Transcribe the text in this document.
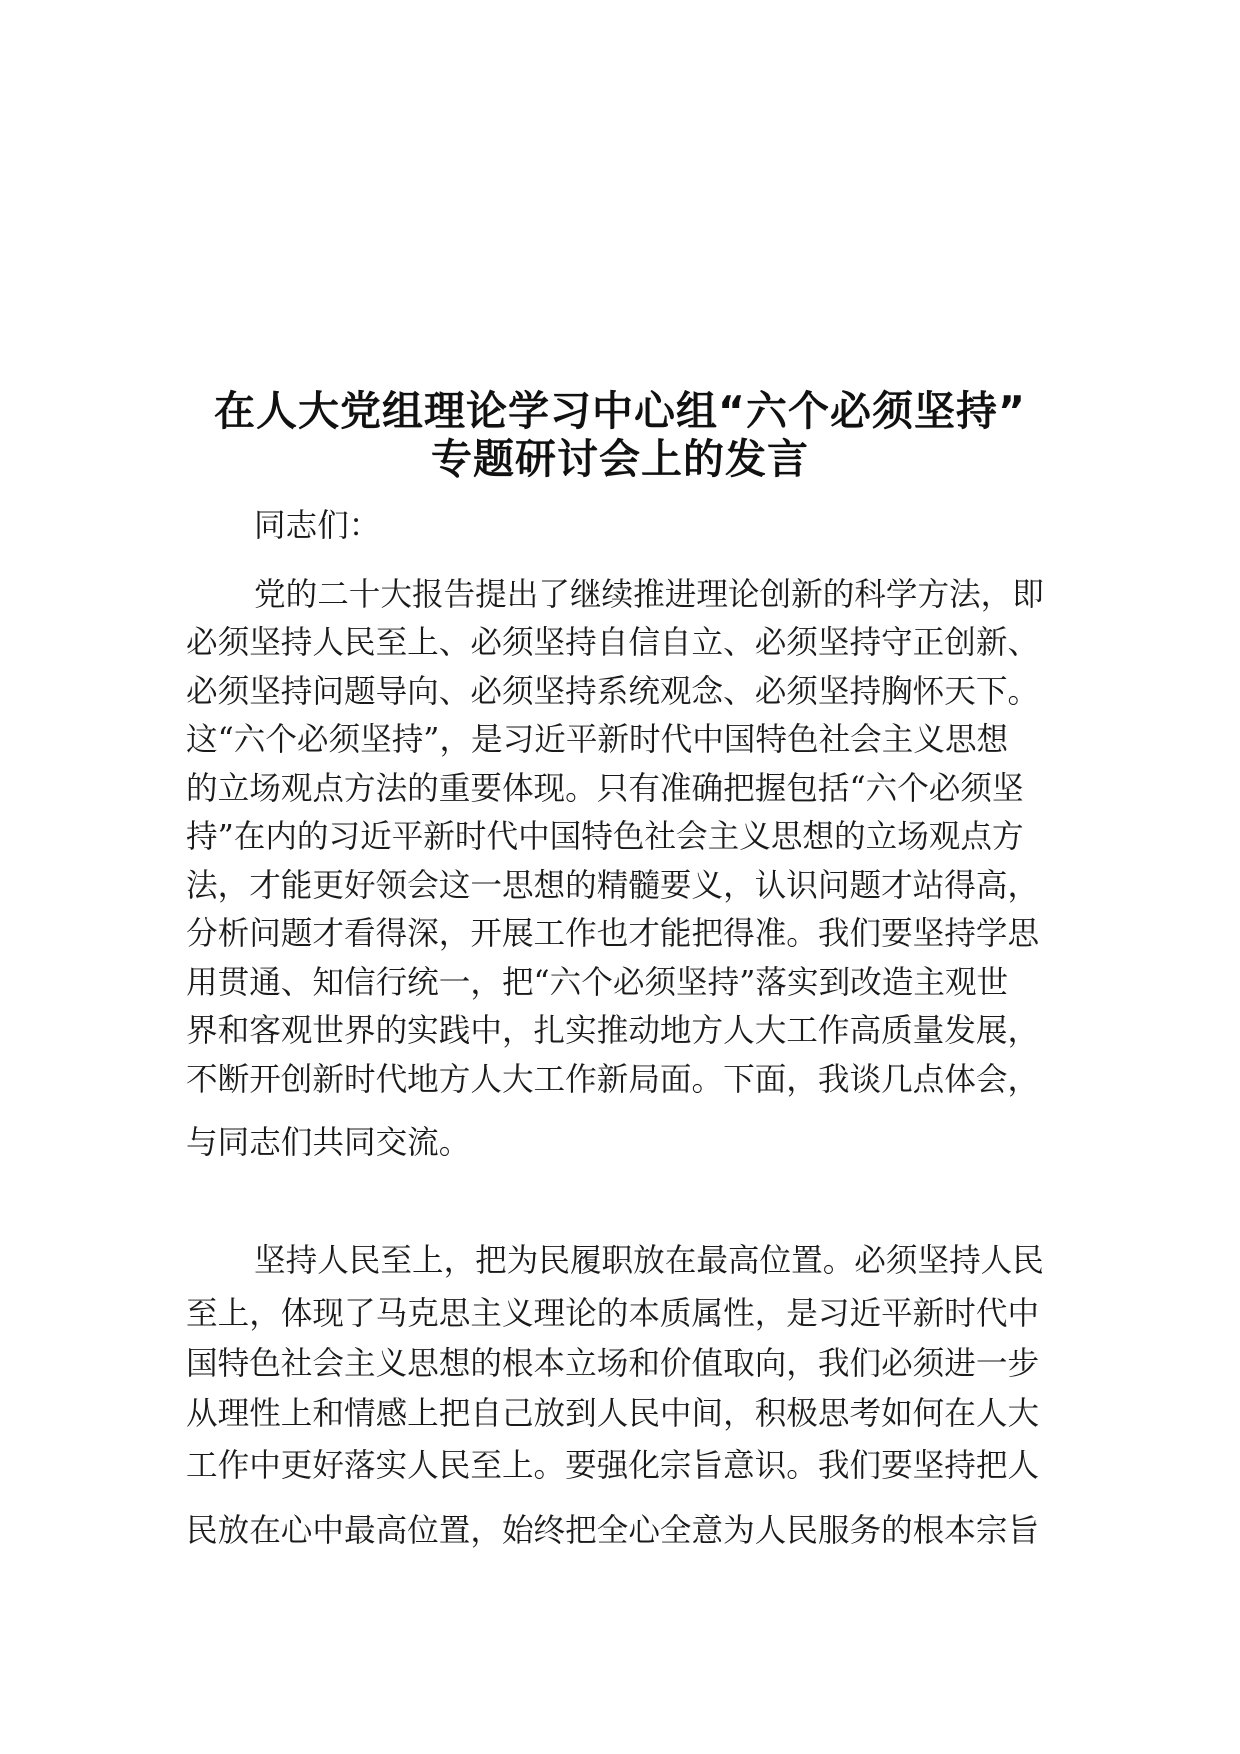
在人大党组理论学习中心组“六个必须坚持”
专题研讨会上的发言

同志们：

党的二十大报告提出了继续推进理论创新的科学方法，即

必须坚持人民至上、必须坚持自信自立、必须坚持守正创新、

必须坚持问题导向、必须坚持系统观念、必须坚持胸怀天下。

这“六个必须坚持”，是习近平新时代中国特色社会主义思想

的立场观点方法的重要体现。只有准确把握包括“六个必须坚

持”在内的习近平新时代中国特色社会主义思想的立场观点方

法，才能更好领会这一思想的精髓要义，认识问题才站得高，

分析问题才看得深，开展工作也才能把得准。我们要坚持学思

用贯通、知信行统一，把“六个必须坚持”落实到改造主观世

界和客观世界的实践中，扎实推动地方人大工作高质量发展，

不断开创新时代地方人大工作新局面。下面，我谈几点体会，

与同志们共同交流。

坚持人民至上，把为民履职放在最高位置。必须坚持人民

至上，体现了马克思主义理论的本质属性，是习近平新时代中

国特色社会主义思想的根本立场和价值取向，我们必须进一步

从理性上和情感上把自己放到人民中间，积极思考如何在人大

工作中更好落实人民至上。要强化宗旨意识。我们要坚持把人

民放在心中最高位置，始终把全心全意为人民服务的根本宗旨
